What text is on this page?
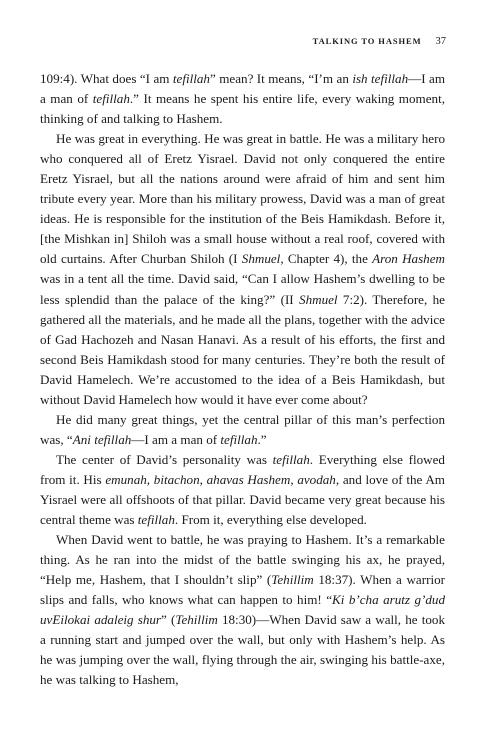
TALKING TO HASHEM 37

109:4). What does “I am tefillah” mean? It means, “I’m an ish tefillah—I am a man of tefillah.” It means he spent his entire life, every waking moment, thinking of and talking to Hashem.

He was great in everything. He was great in battle. He was a military hero who conquered all of Eretz Yisrael. David not only conquered the entire Eretz Yisrael, but all the nations around were afraid of him and sent him tribute every year. More than his military prowess, David was a man of great ideas. He is responsible for the institution of the Beis Hamikdash. Before it, [the Mishkan in] Shiloh was a small house without a real roof, covered with old curtains. After Churban Shiloh (I Shmuel, Chapter 4), the Aron Hashem was in a tent all the time. David said, “Can I allow Hashem’s dwelling to be less splendid than the palace of the king?” (II Shmuel 7:2). Therefore, he gathered all the materials, and he made all the plans, together with the advice of Gad Hachozeh and Nasan Hanavi. As a result of his efforts, the first and second Beis Hamikdash stood for many centuries. They’re both the result of David Hamelech. We’re accustomed to the idea of a Beis Hamikdash, but without David Hamelech how would it have ever come about?

He did many great things, yet the central pillar of this man’s perfection was, “Ani tefillah—I am a man of tefillah.”

The center of David’s personality was tefillah. Everything else flowed from it. His emunah, bitachon, ahavas Hashem, avodah, and love of the Am Yisrael were all offshoots of that pillar. David became very great because his central theme was tefillah. From it, everything else developed.

When David went to battle, he was praying to Hashem. It’s a remarkable thing. As he ran into the midst of the battle swinging his ax, he prayed, “Help me, Hashem, that I shouldn’t slip” (Tehillim 18:37). When a warrior slips and falls, who knows what can happen to him! “Ki b’cha arutz g’dud uvEilokai adaleig shur” (Tehillim 18:30)—When David saw a wall, he took a running start and jumped over the wall, but only with Hashem’s help. As he was jumping over the wall, flying through the air, swinging his battle-axe, he was talking to Hashem,
